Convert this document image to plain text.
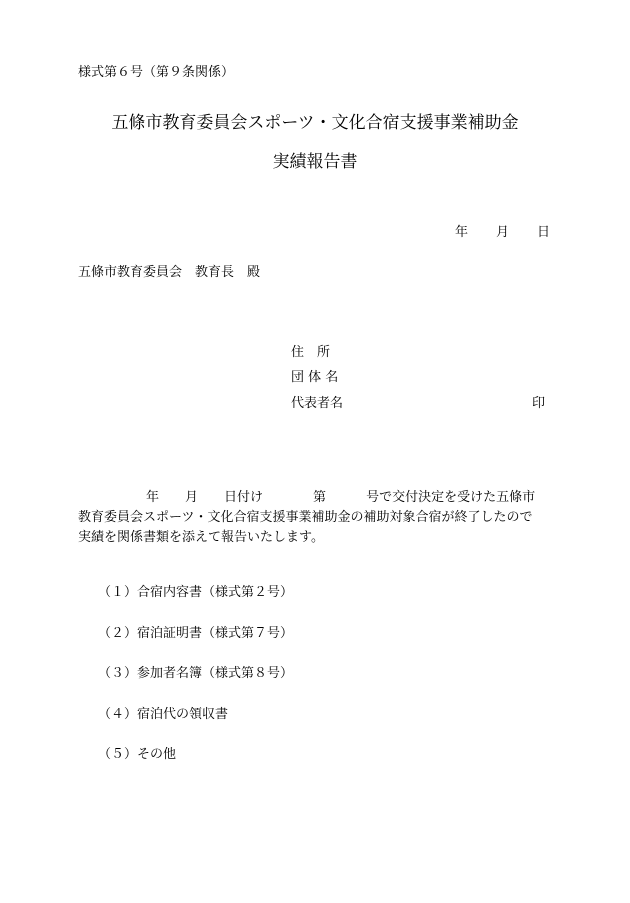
様式第６号（第９条関係）
五條市教育委員会スポーツ・文化合宿支援事業補助金
実績報告書
年 月 日
五條市教育委員会　教育長　殿
住　所
団 体 名
代表者名	印
年 月 日付け	第	号で交付決定を受けた五條市
教育委員会スポーツ・文化合宿支援事業補助金の補助対象合宿が終了したので
実績を関係書類を添えて報告いたします。
（１）合宿内容書（様式第２号）
（２）宿泊証明書（様式第７号）
（３）参加者名簿（様式第８号）
（４）宿泊代の領収書
（５）その他
